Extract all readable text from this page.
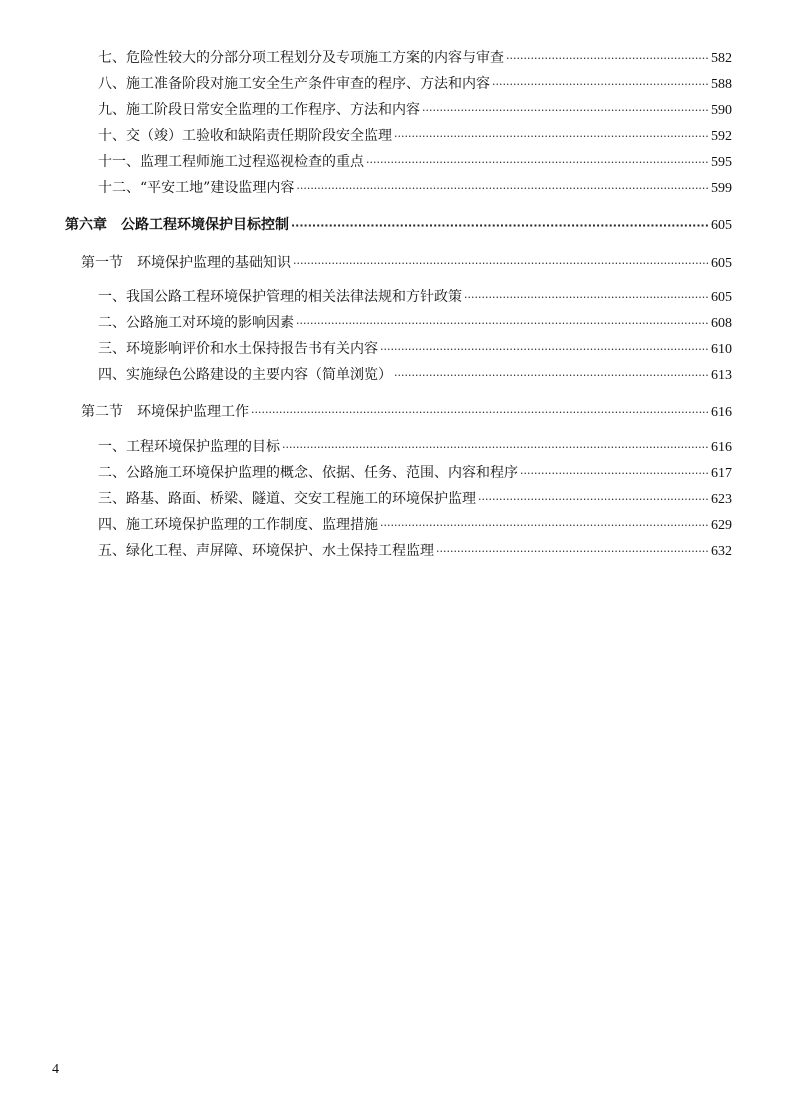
七、危险性较大的分部分项工程划分及专项施工方案的内容与审查 ·····	582
八、施工准备阶段对施工安全生产条件审查的程序、方法和内容 ·····	588
九、施工阶段日常安全监理的工作程序、方法和内容 ·····	590
十、交（竣）工验收和缺陷责任期阶段安全监理 ·····	592
十一、监理工程师施工过程巡视检查的重点 ·····	595
十二、“平安工地”建设监理内容 ·····	599
第六章　公路工程环境保护目标控制 ·····	605
第一节　环境保护监理的基础知识 ·····	605
一、我国公路工程环境保护管理的相关法律法规和方针政策 ·····	605
二、公路施工对环境的影响因素 ·····	608
三、环境影响评价和水土保持报告书有关内容 ·····	610
四、实施绿色公路建设的主要内容（简单浏览） ·····	613
第二节　环境保护监理工作 ·····	616
一、工程环境保护监理的目标 ·····	616
二、公路施工环境保护监理的概念、依据、任务、范围、内容和程序 ·····	617
三、路基、路面、桥梁、隧道、交安工程施工的环境保护监理 ·····	623
四、施工环境保护监理的工作制度、监理措施 ·····	629
五、绿化工程、声屏障、环境保护、水土保持工程监理 ·····	632
4
